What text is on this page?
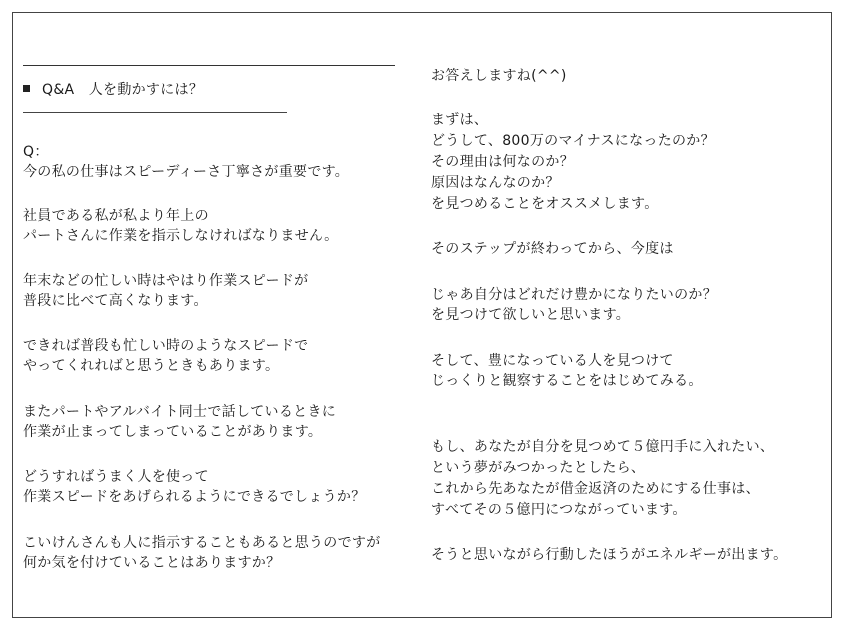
Q&A　人を動かすには？
Q：
今の私の仕事はスピーディーさ丁寧さが重要です。
社員である私が私より年上の
パートさんに作業を指示しなければなりません。
年末などの忙しい時はやはり作業スピードが
普段に比べて高くなります。
できれば普段も忙しい時のようなスピードで
やってくれればと思うときもあります。
またパートやアルバイト同士で話しているときに
作業が止まってしまっていることがあります。
どうすればうまく人を使って
作業スピードをあげられるようにできるでしょうか？
こいけんさんも人に指示することもあると思うのですが
何か気を付けていることはありますか？
お答えしますね(^^)
まずは、
どうして、800万のマイナスになったのか？
その理由は何なのか？
原因はなんなのか？
を見つめることをオススメします。
そのステップが終わってから、今度は
じゃあ自分はどれだけ豊かになりたいのか？
を見つけて欲しいと思います。
そして、豊になっている人を見つけて
じっくりと観察することをはじめてみる。
もし、あなたが自分を見つめて５億円手に入れたい、
という夢がみつかったとしたら、
これから先あなたが借金返済のためにする仕事は、
すべてその５億円につながっています。
そうと思いながら行動したほうがエネルギーが出ます。
